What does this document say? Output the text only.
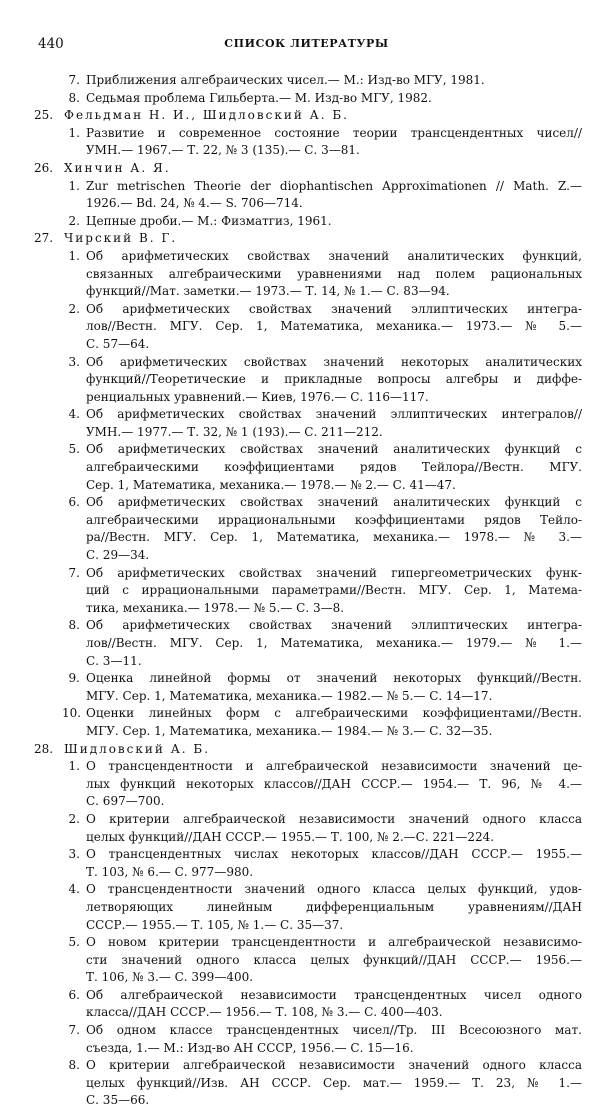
440	СПИСОК ЛИТЕРАТУРЫ
7. Приближения алгебраических чисел.— М.: Изд-во МГУ, 1981.
8. Седьмая проблема Гильберта.— М. Изд-во МГУ, 1982.
25. Фельдман Н. И., Шидловский А. Б.
1. Развитие и современное состояние теории трансцендентных чисел//
УМН.— 1967.— Т. 22, № 3 (135).— С. 3—81.
26. Хинчин А. Я.
1. Zur metrischen Theorie der diophantischen Approximationen // Math. Z.—
1926.— Bd. 24, № 4.— S. 706—714.
2. Цепные дроби.— М.: Физматгиз, 1961.
27. Чирский В. Г.
1. Об арифметических свойствах значений аналитических функций,
связанных алгебраическими уравнениями над полем рациональных
функций//Мат. заметки.— 1973.— Т. 14, № 1.— С. 83—94.
2. Об арифметических свойствах значений эллиптических интегра-
лов//Вестн. МГУ. Сер. 1, Математика, механика.— 1973.— № 5.—
С. 57—64.
3. Об арифметических свойствах значений некоторых аналитических
функций//Теоретические и прикладные вопросы алгебры и диффе-
ренциальных уравнений.— Киев, 1976.— С. 116—117.
4. Об арифметических свойствах значений эллиптических интегралов//
УМН.— 1977.— Т. 32, № 1 (193).— С. 211—212.
5. Об арифметических свойствах значений аналитических функций с
алгебраическими коэффициентами рядов Тейлора//Вестн. МГУ.
Сер. 1, Математика, механика.— 1978.— № 2.— С. 41—47.
6. Об арифметических свойствах значений аналитических функций с
алгебраическими иррациональными коэффициентами рядов Тейло-
ра//Вестн. МГУ. Сер. 1, Математика, механика.— 1978.— № 3.—
С. 29—34.
7. Об арифметических свойствах значений гипергеометрических функ-
ций с иррациональными параметрами//Вестн. МГУ. Сер. 1, Матема-
тика, механика.— 1978.— № 5.— С. 3—8.
8. Об арифметических свойствах значений эллиптических интегра-
лов//Вестн. МГУ. Сер. 1, Математика, механика.— 1979.— № 1.—
С. 3—11.
9. Оценка линейной формы от значений некоторых функций//Вестн.
МГУ. Сер. 1, Математика, механика.— 1982.— № 5.— С. 14—17.
10. Оценки линейных форм с алгебраическими коэффициентами//Вестн.
МГУ. Сер. 1, Математика, механика.— 1984.— № 3.— С. 32—35.
28. Шидловский А. Б.
1. О трансцендентности и алгебраической независимости значений це-
лых функций некоторых классов//ДАН СССР.— 1954.— Т. 96, № 4.—
С. 697—700.
2. О критерии алгебраической независимости значений одного класса
целых функций//ДАН СССР.— 1955.— Т. 100, № 2.—С. 221—224.
3. О трансцендентных числах некоторых классов//ДАН СССР.— 1955.—
Т. 103, № 6.— С. 977—980.
4. О трансцендентности значений одного класса целых функций, удов-
летворяющих линейным дифференциальным уравнениям//ДАН
СССР.— 1955.— Т. 105, № 1.— С. 35—37.
5. О новом критерии трансцендентности и алгебраической независимо-
сти значений одного класса целых функций//ДАН СССР.— 1956.—
Т. 106, № 3.— С. 399—400.
6. Об алгебраической независимости трансцендентных чисел одного
класса//ДАН СССР.— 1956.— Т. 108, № 3.— С. 400—403.
7. Об одном классе трансцендентных чисел//Тр. III Всесоюзного мат.
съезда, 1.— М.: Изд-во АН СССР, 1956.— С. 15—16.
8. О критерии алгебраической независимости значений одного класса
целых функций//Изв. АН СССР. Сер. мат.— 1959.— Т. 23, № 1.—
С. 35—66.
